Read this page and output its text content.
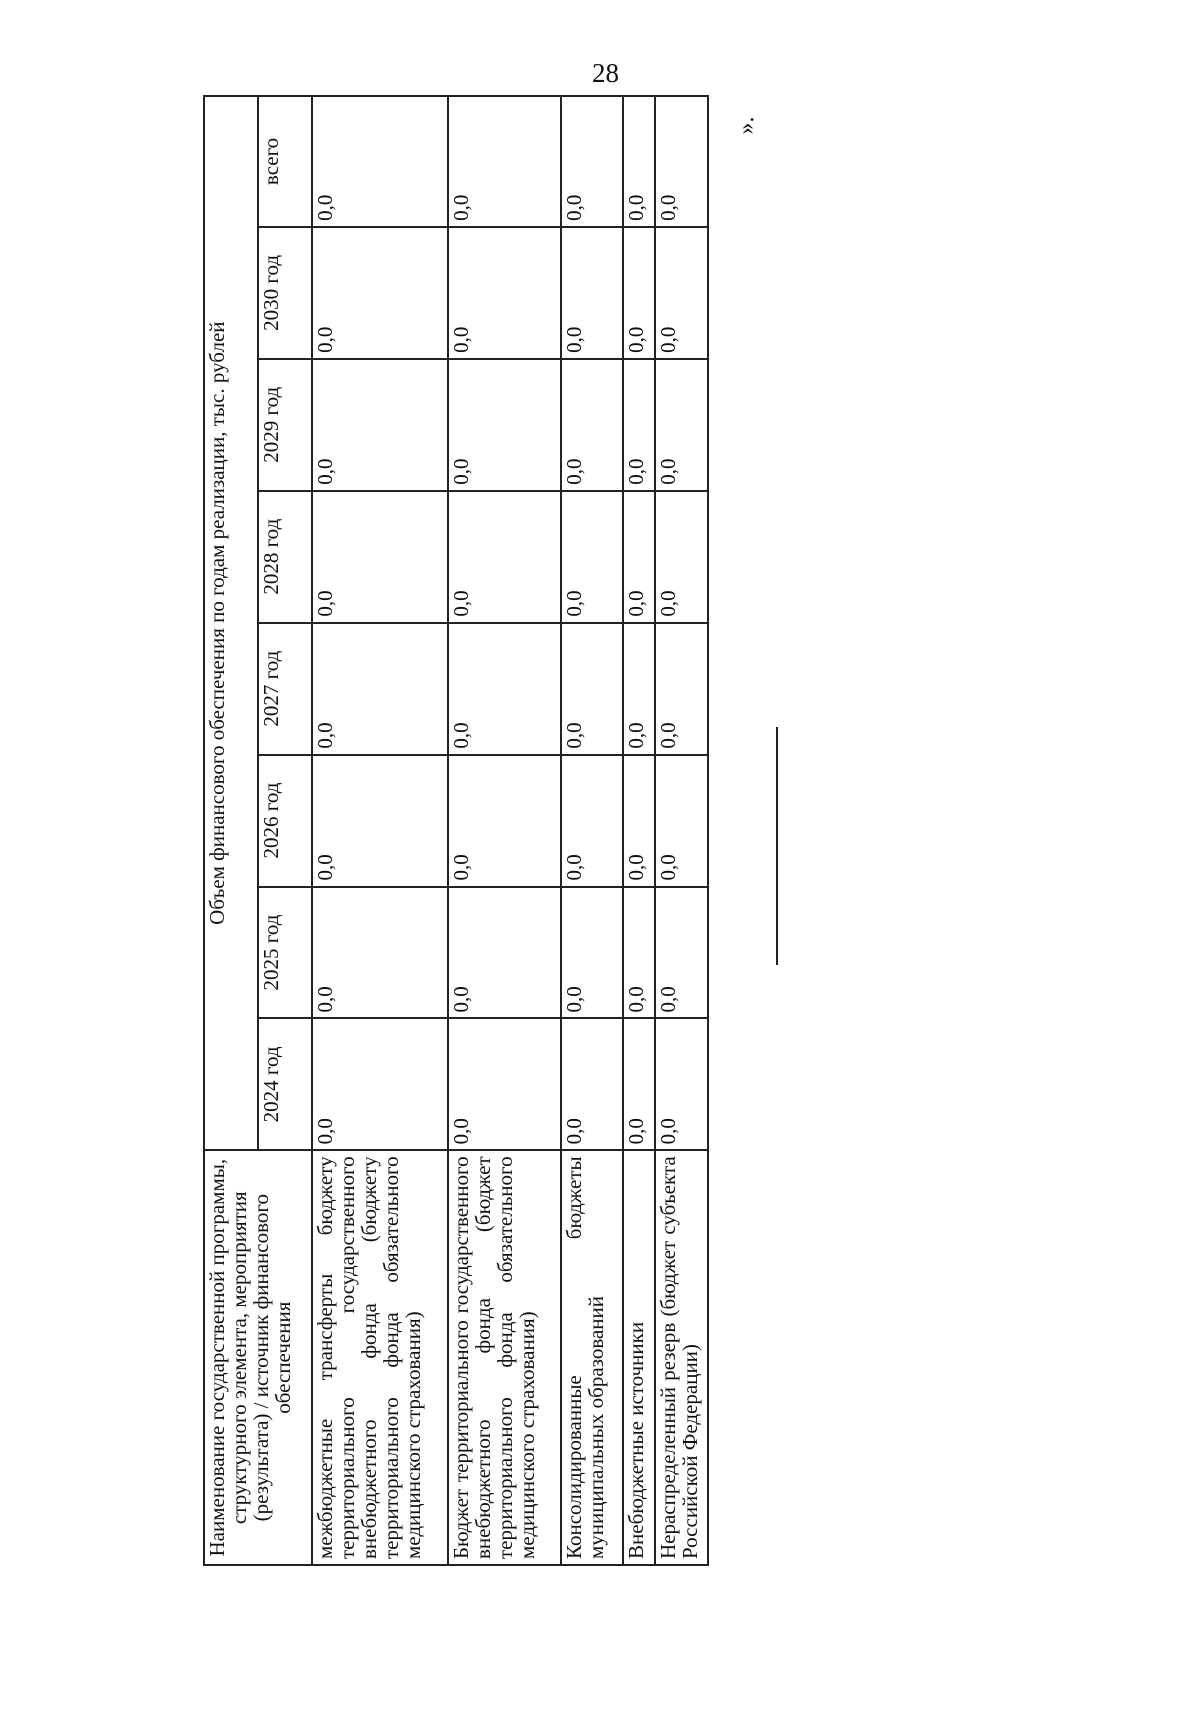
28
».
Наименование государственной программы, структурного элемента, мероприятия (результата) / источник финансового обеспечения	Объем финансового обеспечения по годам реализации, тыс. рублей							
	2024 год	2025 год	2026 год	2027 год	2028 год	2029 год	2030 год	всего
межбюджетные трансферты бюджету территориального государственного внебюджетного фонда (бюджету территориального фонда обязательного медицинского страхования)	0,0	0,0	0,0	0,0	0,0	0,0	0,0	0,0
Бюджет территориального государственного внебюджетного фонда (бюджет территориального фонда обязательного медицинского страхования)	0,0	0,0	0,0	0,0	0,0	0,0	0,0	0,0
Консолидированные бюджеты муниципальных образований	0,0	0,0	0,0	0,0	0,0	0,0	0,0	0,0
Внебюджетные источники	0,0	0,0	0,0	0,0	0,0	0,0	0,0	0,0
Нераспределенный резерв (бюджет субъекта Российской Федерации)	0,0	0,0	0,0	0,0	0,0	0,0	0,0	0,0
